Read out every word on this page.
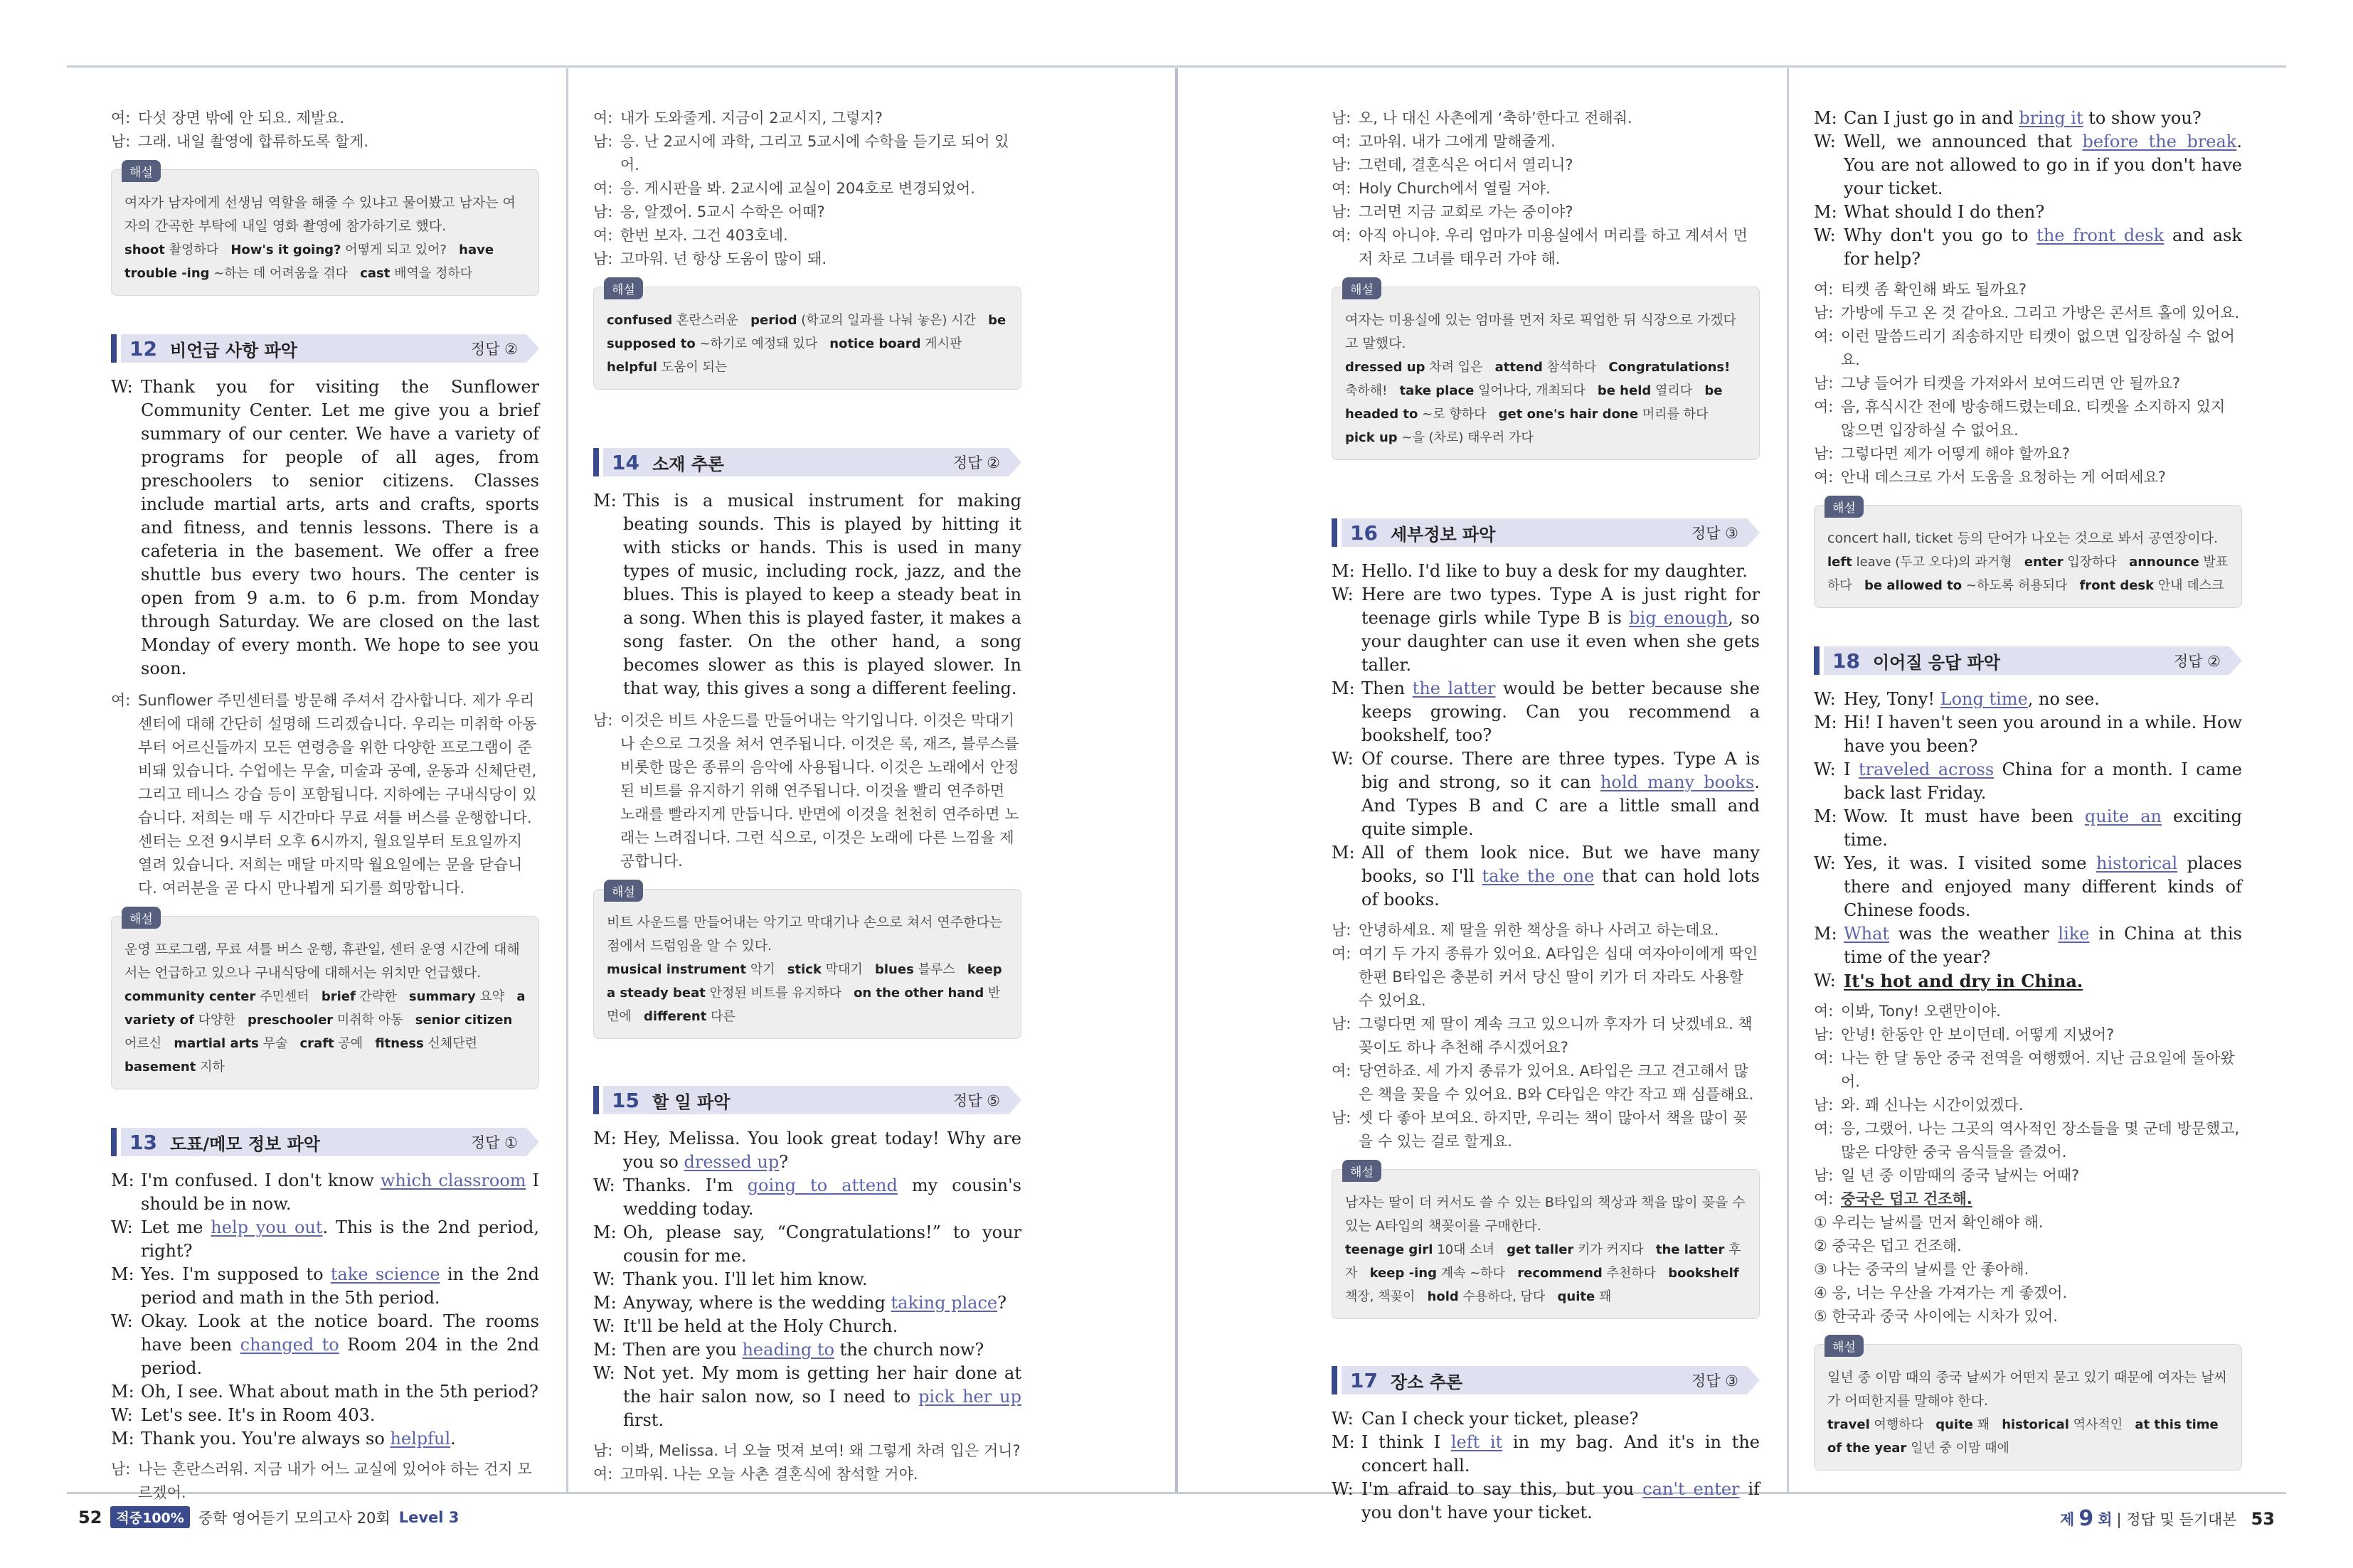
여: 다섯 장면 밖에 안 되요. 제발요.
남: 그래. 내일 촬영에 합류하도록 할게.
해설

여자가 남자에게 선생님 역할을 해줄 수 있냐고 물어봤고 남자는 여자의 간곡한 부탁에 내일 영화 촬영에 참가하기로 했다.

shoot 촬영하다 How's it going? 어떻게 되고 있어? have trouble -ing ~하는 데 어려움을 겪다 cast 배역을 정하다

12 비언급 사항 파악	정답 ②
W: Thank you for visiting the Sunflower Community Center. Let me give you a brief summary of our center. We have a variety of programs for people of all ages, from preschoolers to senior citizens. Classes include martial arts, arts and crafts, sports and fitness, and tennis lessons. There is a cafeteria in the basement. We offer a free shuttle bus every two hours. The center is open from 9 a.m. to 6 p.m. from Monday through Saturday. We are closed on the last Monday of every month. We hope to see you soon.
여: Sunflower 주민센터를 방문해 주셔서 감사합니다. 제가 우리 센터에 대해 간단히 설명해 드리겠습니다. 우리는 미취학 아동부터 어르신들까지 모든 연령층을 위한 다양한 프로그램이 준비돼 있습니다. 수업에는 무술, 미술과 공예, 운동과 신체단련, 그리고 테니스 강습 등이 포함됩니다. 지하에는 구내식당이 있습니다. 저희는 매 두 시간마다 무료 셔틀 버스를 운행합니다. 센터는 오전 9시부터 오후 6시까지, 월요일부터 토요일까지 열려 있습니다. 저희는 매달 마지막 월요일에는 문을 닫습니다. 여러분을 곧 다시 만나뵙게 되기를 희망합니다.
해설

운영 프로그램, 무료 셔틀 버스 운행, 휴관일, 센터 운영 시간에 대해서는 언급하고 있으나 구내식당에 대해서는 위치만 언급했다.

community center 주민센터 brief 간략한 summary 요약 a variety of 다양한 preschooler 미취학 아동 senior citizen 어르신 martial arts 무술 craft 공예 fitness 신체단련   basement 지하

13 도표/메모 정보 파악	정답 ①
M: I'm confused. I don't know which classroom I should be in now.
W: Let me help you out. This is the 2nd period, right?
M: Yes. I'm supposed to take science in the 2nd period and math in the 5th period.
W: Okay. Look at the notice board. The rooms have been changed to Room 204 in the 2nd period.
M: Oh, I see. What about math in the 5th period?
W: Let's see. It's in Room 403.
M: Thank you. You're always so helpful.
남: 나는 혼란스러워. 지금 내가 어느 교실에 있어야 하는 건지 모르겠어.
여: 내가 도와줄게. 지금이 2교시지, 그렇지?
남: 응. 난 2교시에 과학, 그리고 5교시에 수학을 듣기로 되어 있어.
여: 응. 게시판을 봐. 2교시에 교실이 204호로 변경되었어.
남: 응, 알겠어. 5교시 수학은 어때?
여: 한번 보자. 그건 403호네.
남: 고마워. 넌 항상 도움이 많이 돼.
해설

confused 혼란스러운 period (학교의 일과를 나눠 놓은) 시간 be supposed to ~하기로 예정돼 있다 notice board 게시판   helpful 도움이 되는

14 소재 추론	정답 ②
M: This is a musical instrument for making beating sounds. This is played by hitting it with sticks or hands. This is used in many types of music, including rock, jazz, and the blues. This is played to keep a steady beat in a song. When this is played faster, it makes a song faster. On the other hand, a song becomes slower as this is played slower. In that way, this gives a song a different feeling.
남: 이것은 비트 사운드를 만들어내는 악기입니다. 이것은 막대기나 손으로 그것을 쳐서 연주됩니다. 이것은 록, 재즈, 블루스를 비롯한 많은 종류의 음악에 사용됩니다. 이것은 노래에서 안정된 비트를 유지하기 위해 연주됩니다. 이것을 빨리 연주하면 노래를 빨라지게 만듭니다. 반면에 이것을 천천히 연주하면 노래는 느려집니다. 그런 식으로, 이것은 노래에 다른 느낌을 제공합니다.
해설

비트 사운드를 만들어내는 악기고 막대기나 손으로 쳐서 연주한다는 점에서 드럼임을 알 수 있다.

musical instrument 악기 stick 막대기 blues 블루스 keep a steady beat 안정된 비트를 유지하다 on the other hand 반면에 different 다른

15 할 일 파악	정답 ⑤
M: Hey, Melissa. You look great today! Why are you so dressed up?
W: Thanks. I'm going to attend my cousin's wedding today.
M: Oh, please say, “Congratulations!” to your cousin for me.
W: Thank you. I'll let him know.
M: Anyway, where is the wedding taking place?
W: It'll be held at the Holy Church.
M: Then are you heading to the church now?
W: Not yet. My mom is getting her hair done at the hair salon now, so I need to pick her up first.
남: 이봐, Melissa. 너 오늘 멋져 보여! 왜 그렇게 차려 입은 거니?
여: 고마워. 나는 오늘 사촌 결혼식에 참석할 거야.
남: 오, 나 대신 사촌에게 ‘축하’한다고 전해줘.
여: 고마워. 내가 그에게 말해줄게.
남: 그런데, 결혼식은 어디서 열리니?
여: Holy Church에서 열릴 거야.
남: 그러면 지금 교회로 가는 중이야?
여: 아직 아니야. 우리 엄마가 미용실에서 머리를 하고 계셔서 먼저 차로 그녀를 태우러 가야 해.
해설

여자는 미용실에 있는 엄마를 먼저 차로 픽업한 뒤 식장으로 가겠다고 말했다.

dressed up 차려 입은 attend 참석하다 Congratulations! 축하해! take place 일어나다, 개최되다 be held 열리다 be headed to ~로 향하다 get one's hair done 머리를 하다   pick up ~을 (차로) 태우러 가다

16 세부정보 파악	정답 ③
M: Hello. I'd like to buy a desk for my daughter.
W: Here are two types. Type A is just right for teenage girls while Type B is big enough, so your daughter can use it even when she gets taller.
M: Then the latter would be better because she keeps growing. Can you recommend a bookshelf, too?
W: Of course. There are three types. Type A is big and strong, so it can hold many books. And Types B and C are a little small and quite simple.
M: All of them look nice. But we have many books, so I'll take the one that can hold lots of books.
남: 안녕하세요. 제 딸을 위한 책상을 하나 사려고 하는데요.
여: 여기 두 가지 종류가 있어요. A타입은 십대 여자아이에게 딱인 한편 B타입은 충분히 커서 당신 딸이 키가 더 자라도 사용할 수 있어요.
남: 그렇다면 제 딸이 계속 크고 있으니까 후자가 더 낫겠네요. 책꽂이도 하나 추천해 주시겠어요?
여: 당연하죠. 세 가지 종류가 있어요. A타입은 크고 견고해서 많은 책을 꽂을 수 있어요. B와 C타입은 약간 작고 꽤 심플해요.
남: 셋 다 좋아 보여요. 하지만, 우리는 책이 많아서 책을 많이 꽂을 수 있는 걸로 할게요.
해설

남자는 딸이 더 커서도 쓸 수 있는 B타입의 책상과 책을 많이 꽂을 수 있는 A타입의 책꽂이를 구매한다.

teenage girl 10대 소녀 get taller 키가 커지다 the latter 후자 keep -ing 계속 ~하다 recommend 추천하다 bookshelf 책장, 책꽂이 hold 수용하다, 담다 quite 꽤

17 장소 추론	정답 ③
W: Can I check your ticket, please?
M: I think I left it in my bag. And it's in the concert hall.
W: I'm afraid to say this, but you can't enter if you don't have your ticket.
M: Can I just go in and bring it to show you?
W: Well, we announced that before the break. You are not allowed to go in if you don't have your ticket.
M: What should I do then?
W: Why don't you go to the front desk and ask for help?
여: 티켓 좀 확인해 봐도 될까요?
남: 가방에 두고 온 것 같아요. 그리고 가방은 콘서트 홀에 있어요.
여: 이런 말씀드리기 죄송하지만 티켓이 없으면 입장하실 수 없어요.
남: 그냥 들어가 티켓을 가져와서 보여드리면 안 될까요?
여: 음, 휴식시간 전에 방송해드렸는데요. 티켓을 소지하지 있지 않으면 입장하실 수 없어요.
남: 그렇다면 제가 어떻게 해야 할까요?
여: 안내 데스크로 가서 도움을 요청하는 게 어떠세요?
해설

concert hall, ticket 등의 단어가 나오는 것으로 봐서 공연장이다.

left leave (두고 오다)의 과거형 enter 입장하다 announce 발표하다 be allowed to ~하도록 허용되다 front desk 안내 데스크

18 이어질 응답 파악	정답 ②
W: Hey, Tony! Long time, no see.
M: Hi! I haven't seen you around in a while. How have you been?
W: I traveled across China for a month. I came back last Friday.
M: Wow. It must have been quite an exciting time.
W: Yes, it was. I visited some historical places there and enjoyed many different kinds of Chinese foods.
M: What was the weather like in China at this time of the year?
W: It's hot and dry in China.
여: 이봐, Tony! 오랜만이야.
남: 안녕! 한동안 안 보이던데. 어떻게 지냈어?
여: 나는 한 달 동안 중국 전역을 여행했어. 지난 금요일에 돌아왔어.
남: 와. 꽤 신나는 시간이었겠다.
여: 응, 그랬어. 나는 그곳의 역사적인 장소들을 몇 군데 방문했고, 많은 다양한 중국 음식들을 즐겼어.
남: 일 년 중 이맘때의 중국 날씨는 어때?
여: 중국은 덥고 건조해.
① 우리는 날씨를 먼저 확인해야 해.
② 중국은 덥고 건조해.
③ 나는 중국의 날씨를 안 좋아해.
④ 응, 너는 우산을 가져가는 게 좋겠어.
⑤ 한국과 중국 사이에는 시차가 있어.
해설

일년 중 이맘 때의 중국 날씨가 어떤지 묻고 있기 때문에 여자는 날씨가 어떠한지를 말해야 한다.

travel 여행하다 quite 꽤 historical 역사적인 at this time of the year 일년 중 이맘 때에

52	적중100% 중학 영어듣기 모의고사 20회 Level 3	제 9 회 | 정답 및 듣기대본 53
